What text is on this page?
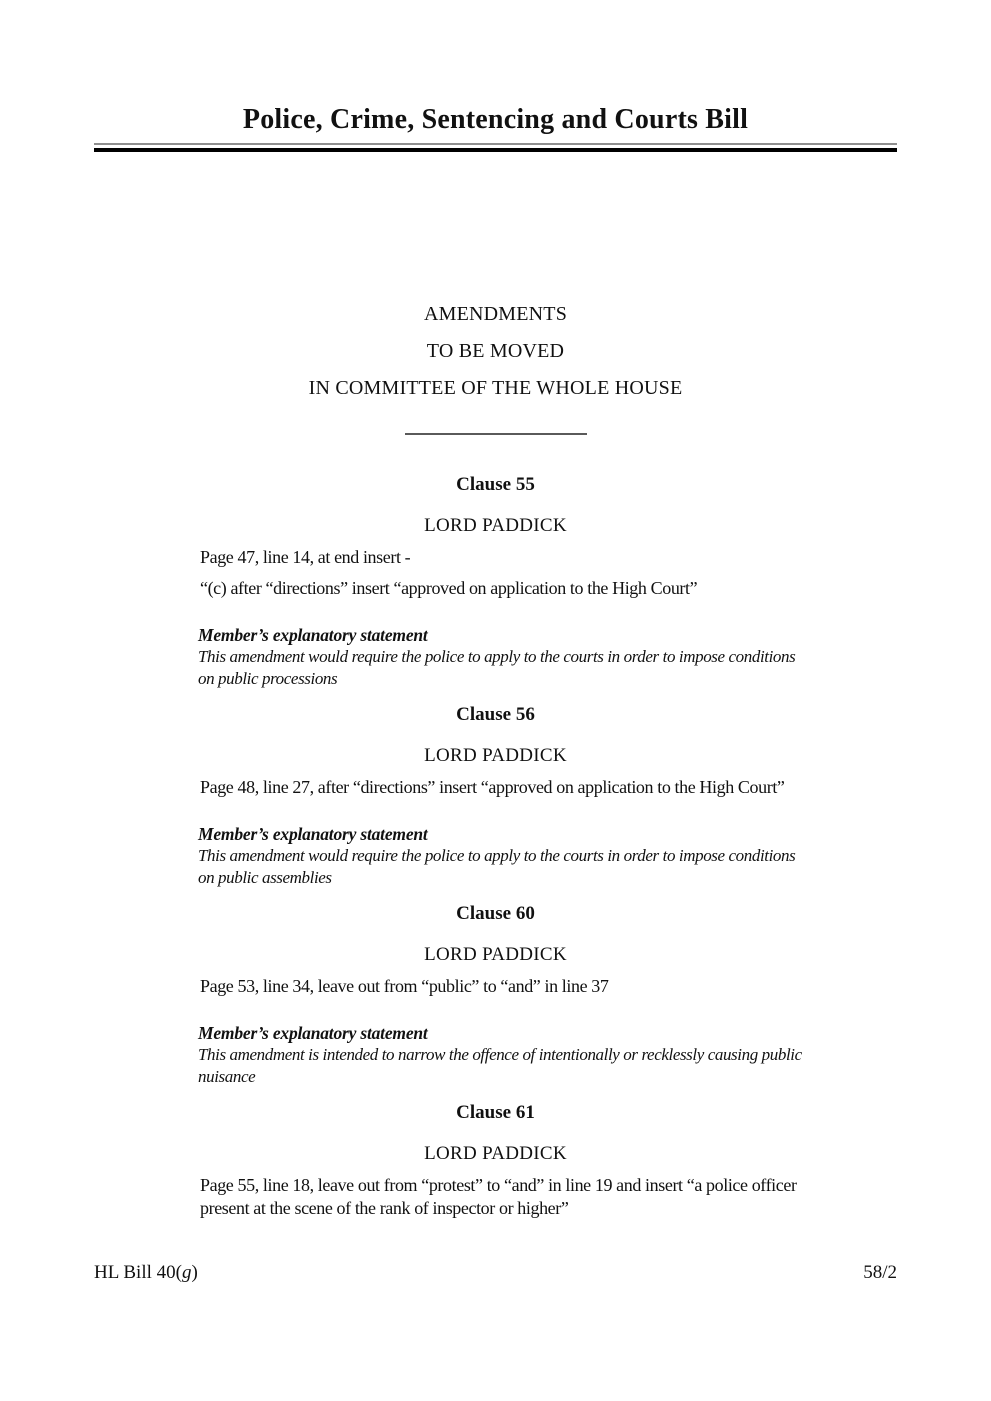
Police, Crime, Sentencing and Courts Bill
AMENDMENTS
TO BE MOVED
IN COMMITTEE OF THE WHOLE HOUSE
Clause 55
LORD PADDICK
Page 47, line 14, at end insert -
“(c) after “directions” insert “approved on application to the High Court”
Member’s explanatory statement
This amendment would require the police to apply to the courts in order to impose conditions
on public processions
Clause 56
LORD PADDICK
Page 48, line 27, after “directions” insert “approved on application to the High Court”
Member’s explanatory statement
This amendment would require the police to apply to the courts in order to impose conditions
on public assemblies
Clause 60
LORD PADDICK
Page 53, line 34, leave out from “public” to “and” in line 37
Member’s explanatory statement
This amendment is intended to narrow the offence of intentionally or recklessly causing public
nuisance
Clause 61
LORD PADDICK
Page 55, line 18, leave out from “protest” to “and” in line 19 and insert “a police officer
present at the scene of the rank of inspector or higher”
HL Bill 40(g)	58/2
